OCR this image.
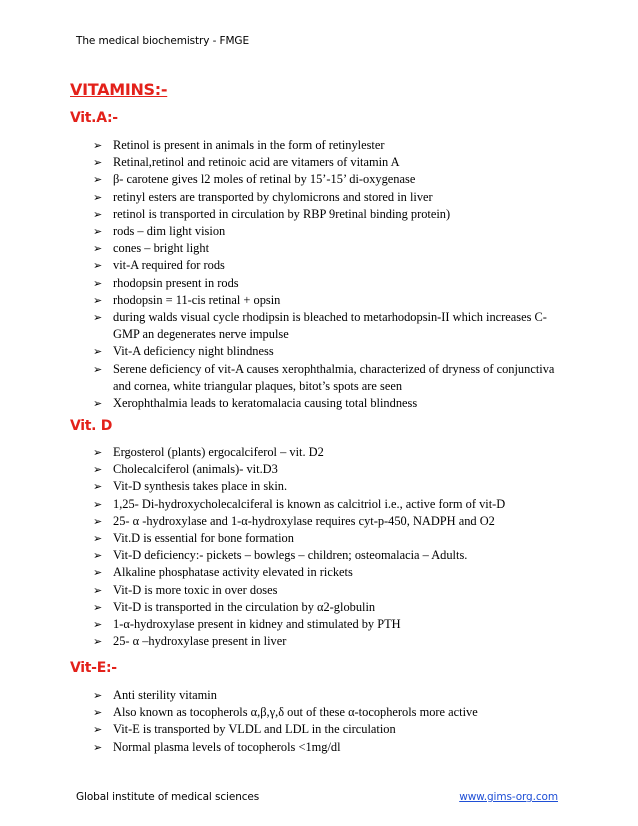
The medical biochemistry - FMGE
VITAMINS:-
Vit.A:-
➢ Retinol is present in animals in the form of retinylester
➢ Retinal,retinol and retinoic acid are vitamers of vitamin A
➢ β- carotene gives l2 moles of retinal by 15’-15’ di-oxygenase
➢ retinyl esters are transported by chylomicrons and stored in liver
➢ retinol is transported in circulation by RBP 9retinal binding protein)
➢ rods – dim light vision
➢ cones – bright light
➢ vit-A required for rods
➢ rhodopsin present in rods
➢ rhodopsin = 11-cis retinal + opsin
➢ during walds visual cycle rhodipsin is bleached to metarhodopsin-II which increases C-GMP an degenerates nerve impulse
➢ Vit-A deficiency night blindness
➢ Serene deficiency of vit-A causes xerophthalmia, characterized of dryness of conjunctiva and cornea, white triangular plaques, bitot’s spots are seen
➢ Xerophthalmia leads to keratomalacia causing total blindness
Vit. D
➢ Ergosterol (plants) ergocalciferol – vit. D2
➢ Cholecalciferol (animals)- vit.D3
➢ Vit-D synthesis takes place in skin.
➢ 1,25- Di-hydroxycholecalciferal is known as calcitriol i.e., active form of vit-D
➢ 25- α -hydroxylase and 1-α-hydroxylase requires cyt-p-450, NADPH and O2
➢ Vit.D is essential for bone formation
➢ Vit-D deficiency:- pickets – bowlegs – children; osteomalacia – Adults.
➢ Alkaline phosphatase activity elevated in rickets
➢ Vit-D is more toxic in over doses
➢ Vit-D is transported in the circulation by α2-globulin
➢ 1-α-hydroxylase present in kidney and stimulated by PTH
➢ 25- α –hydroxylase present in liver
Vit-E:-
➢ Anti sterility vitamin
➢ Also known as tocopherols α,β,γ,δ out of these α-tocopherols more active
➢ Vit-E is transported by VLDL and LDL in the circulation
➢ Normal plasma levels of tocopherols <1mg/dl
Global institute of medical sciences	www.gims-org.com
